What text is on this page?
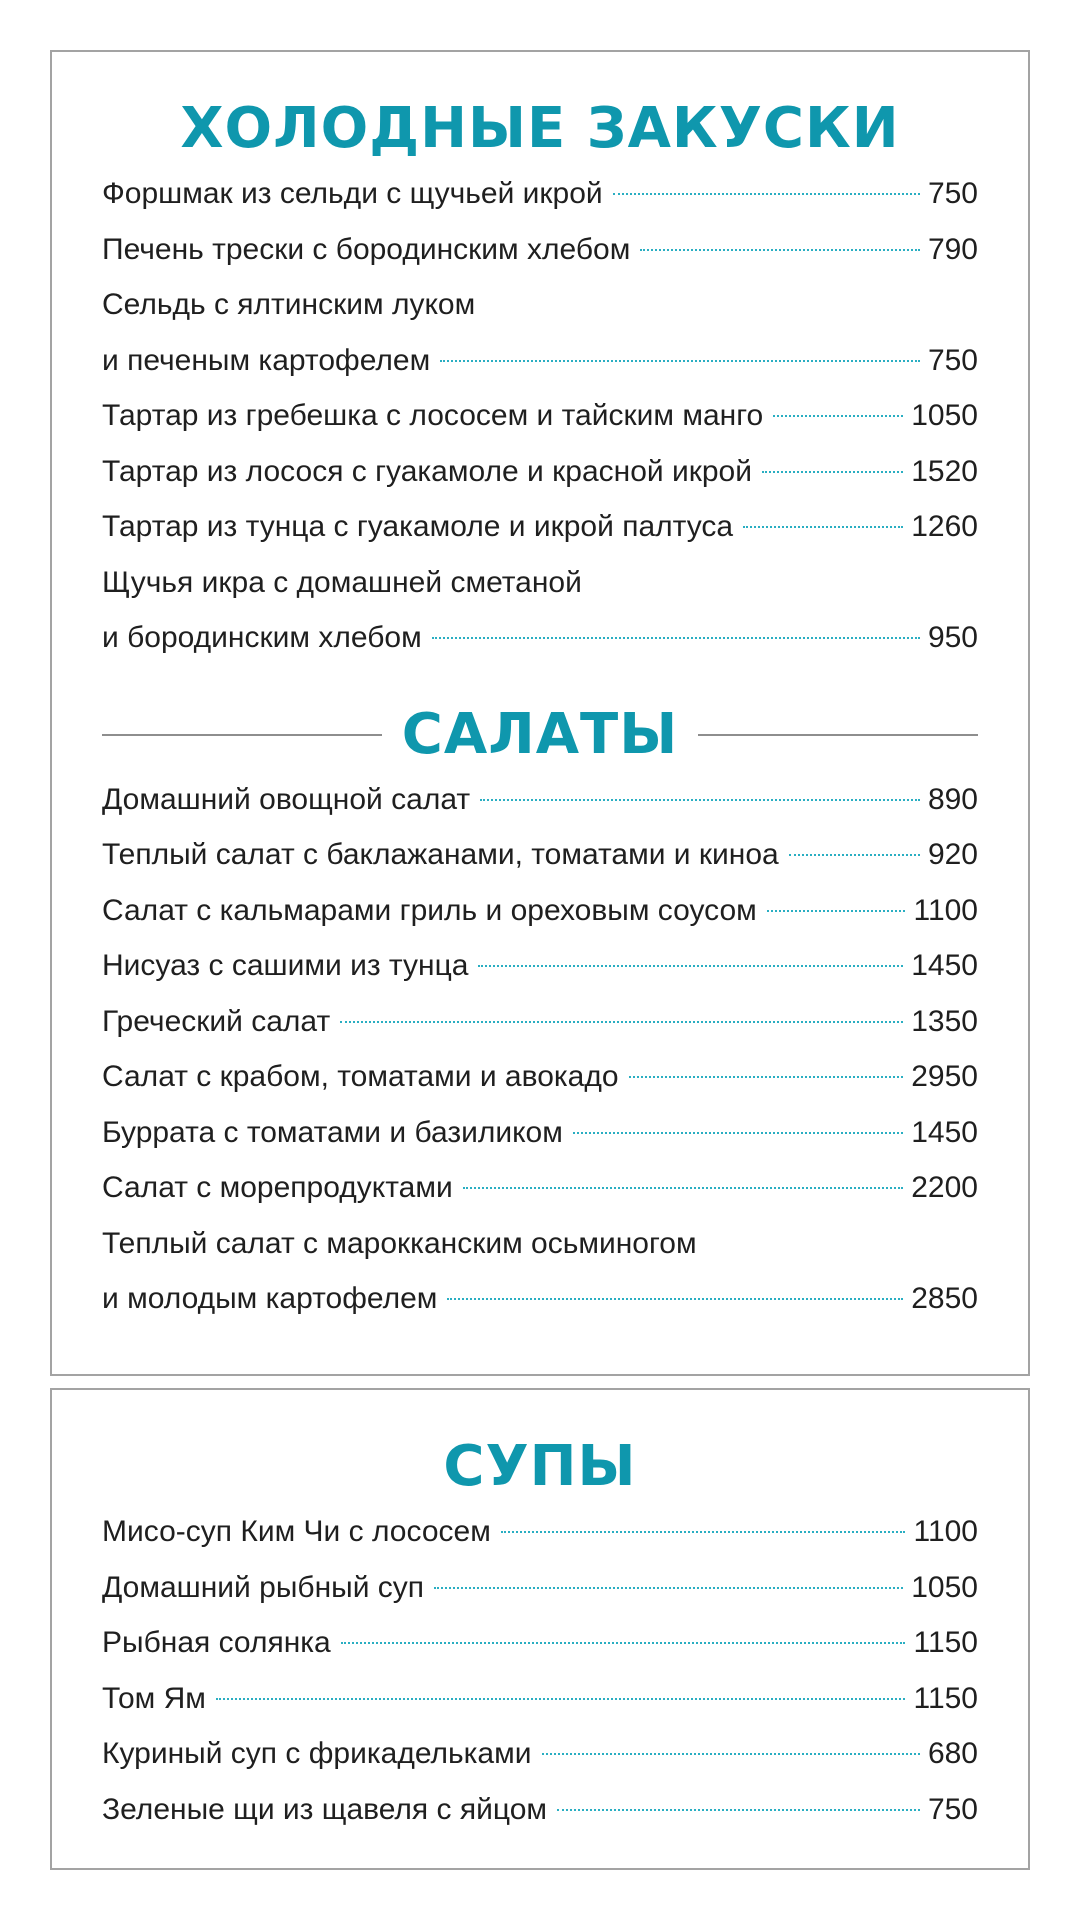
ХОЛОДНЫЕ ЗАКУСКИ
Форшмак из сельди с щучьей икрой	750
Печень трески с бородинским хлебом	790
Сельдь с ялтинским луком
и печеным картофелем	750
Тартар из гребешка с лососем и тайским манго	1050
Тартар из лосося с гуакамоле и красной икрой	1520
Тартар из тунца с гуакамоле и икрой палтуса	1260
Щучья икра с домашней сметаной
и бородинским хлебом	950
САЛАТЫ
Домашний овощной салат	890
Теплый салат с баклажанами, томатами и киноа	920
Салат с кальмарами гриль и ореховым соусом	1100
Нисуаз с сашими из тунца	1450
Греческий салат	1350
Салат с крабом, томатами и авокадо	2950
Буррата с томатами и базиликом	1450
Салат с морепродуктами	2200
Теплый салат с марокканским осьминогом
и молодым картофелем	2850
СУПЫ
Мисо-суп Ким Чи с лососем	1100
Домашний рыбный суп	1050
Рыбная солянка	1150
Том Ям	1150
Куриный суп с фрикадельками	680
Зеленые щи из щавеля с яйцом	750
